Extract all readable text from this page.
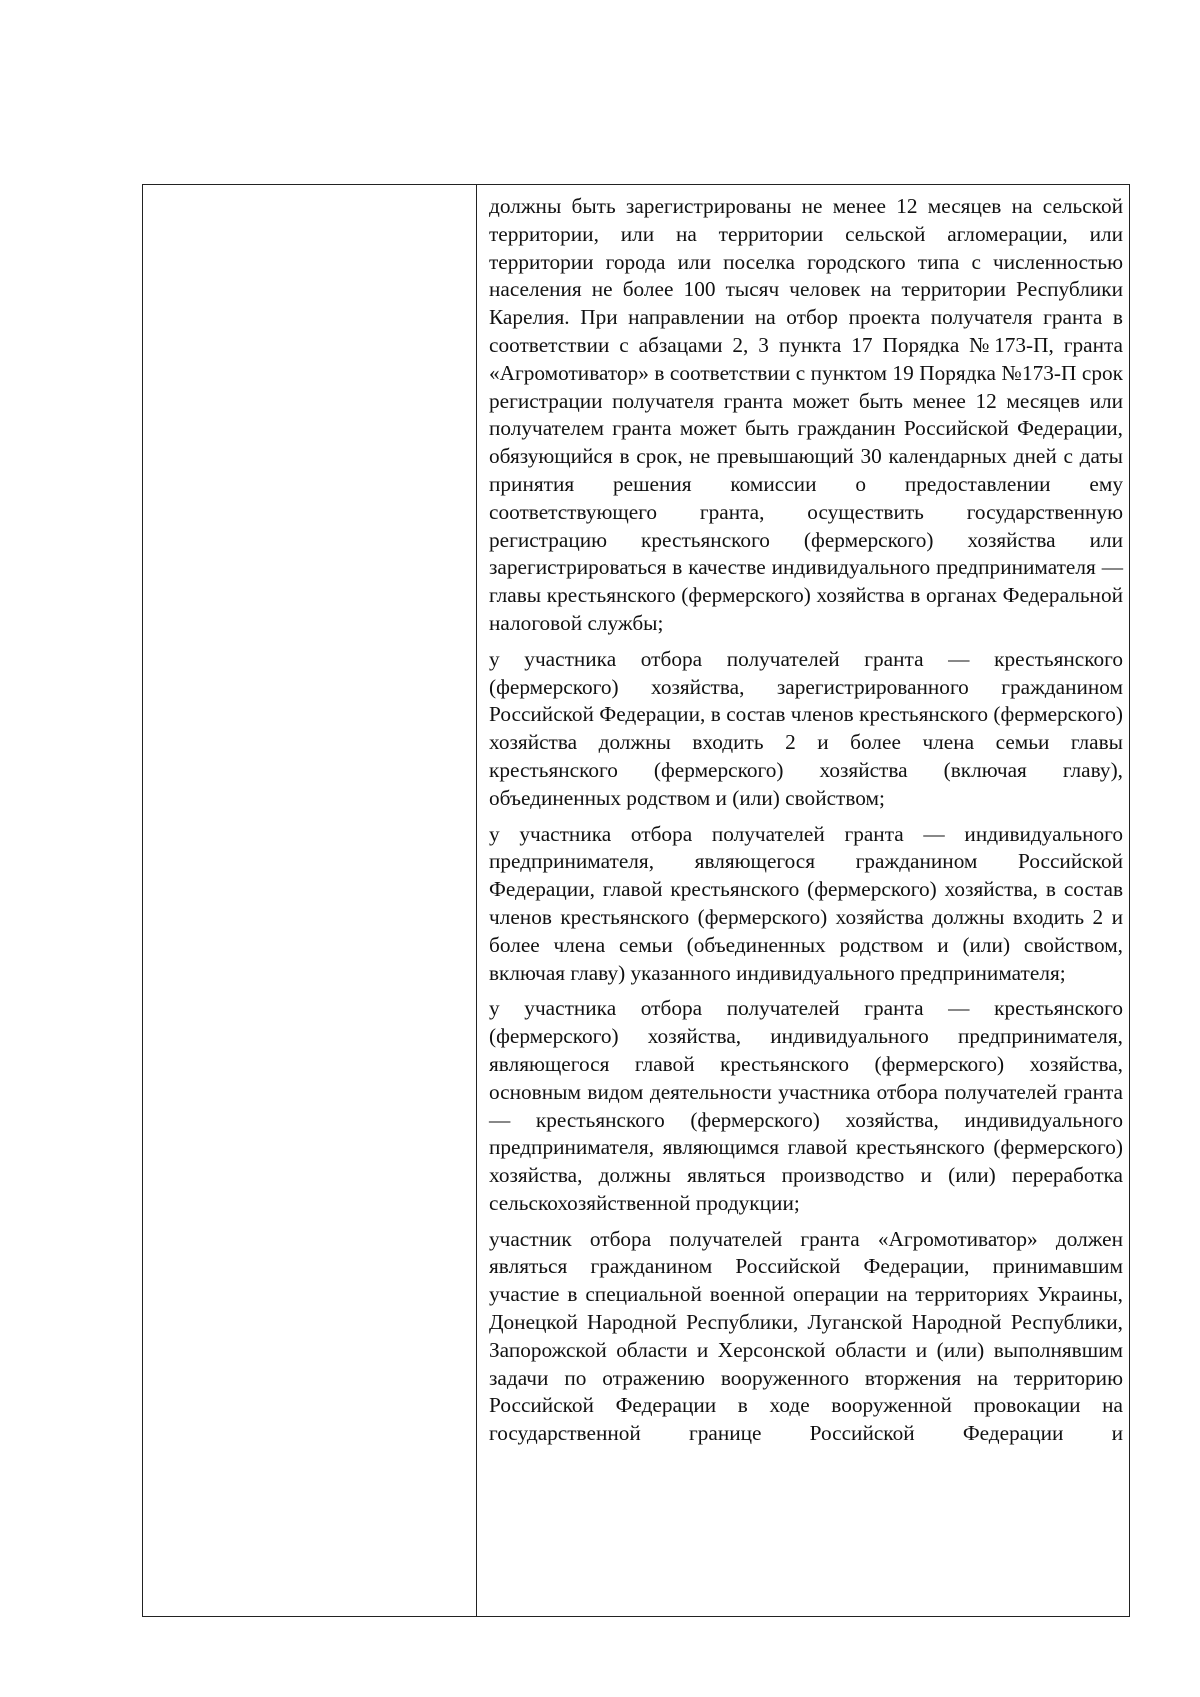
должны быть зарегистрированы не менее 12 месяцев на сельской территории, или на территории сельской агломерации, или территории города или поселка городского типа с численностью населения не более 100 тысяч человек на территории Республики Карелия. При направлении на отбор проекта получателя гранта в соответствии с абзацами 2, 3 пункта 17 Порядка №173-П, гранта «Агромотиватор» в соответствии с пунктом 19 Порядка №173-П срок регистрации получателя гранта может быть менее 12 месяцев или получателем гранта может быть гражданин Российской Федерации, обязующийся в срок, не превышающий 30 календарных дней с даты принятия решения комиссии о предоставлении ему соответствующего гранта, осуществить государственную регистрацию крестьянского (фермерского) хозяйства или зарегистрироваться в качестве индивидуального предпринимателя — главы крестьянского (фермерского) хозяйства в органах Федеральной налоговой службы;

у участника отбора получателей гранта — крестьянского (фермерского) хозяйства, зарегистрированного гражданином Российской Федерации, в состав членов крестьянского (фермерского) хозяйства должны входить 2 и более члена семьи главы крестьянского (фермерского) хозяйства (включая главу), объединенных родством и (или) свойством;

у участника отбора получателей гранта — индивидуального предпринимателя, являющегося гражданином Российской Федерации, главой крестьянского (фермерского) хозяйства, в состав членов крестьянского (фермерского) хозяйства должны входить 2 и более члена семьи (объединенных родством и (или) свойством, включая главу) указанного индивидуального предпринимателя;

у участника отбора получателей гранта — крестьянского (фермерского) хозяйства, индивидуального предпринимателя, являющегося главой крестьянского (фермерского) хозяйства, основным видом деятельности участника отбора получателей гранта — крестьянского (фермерского) хозяйства, индивидуального предпринимателя, являющимся главой крестьянского (фермерского) хозяйства, должны являться производство и (или) переработка сельскохозяйственной продукции;

участник отбора получателей гранта «Агромотиватор» должен являться гражданином Российской Федерации, принимавшим участие в специальной военной операции на территориях Украины, Донецкой Народной Республики, Луганской Народной Республики, Запорожской области и Херсонской области и (или) выполнявшим задачи по отражению вооруженного вторжения на территорию Российской Федерации в ходе вооруженной провокации на государственной границе Российской Федерации и
